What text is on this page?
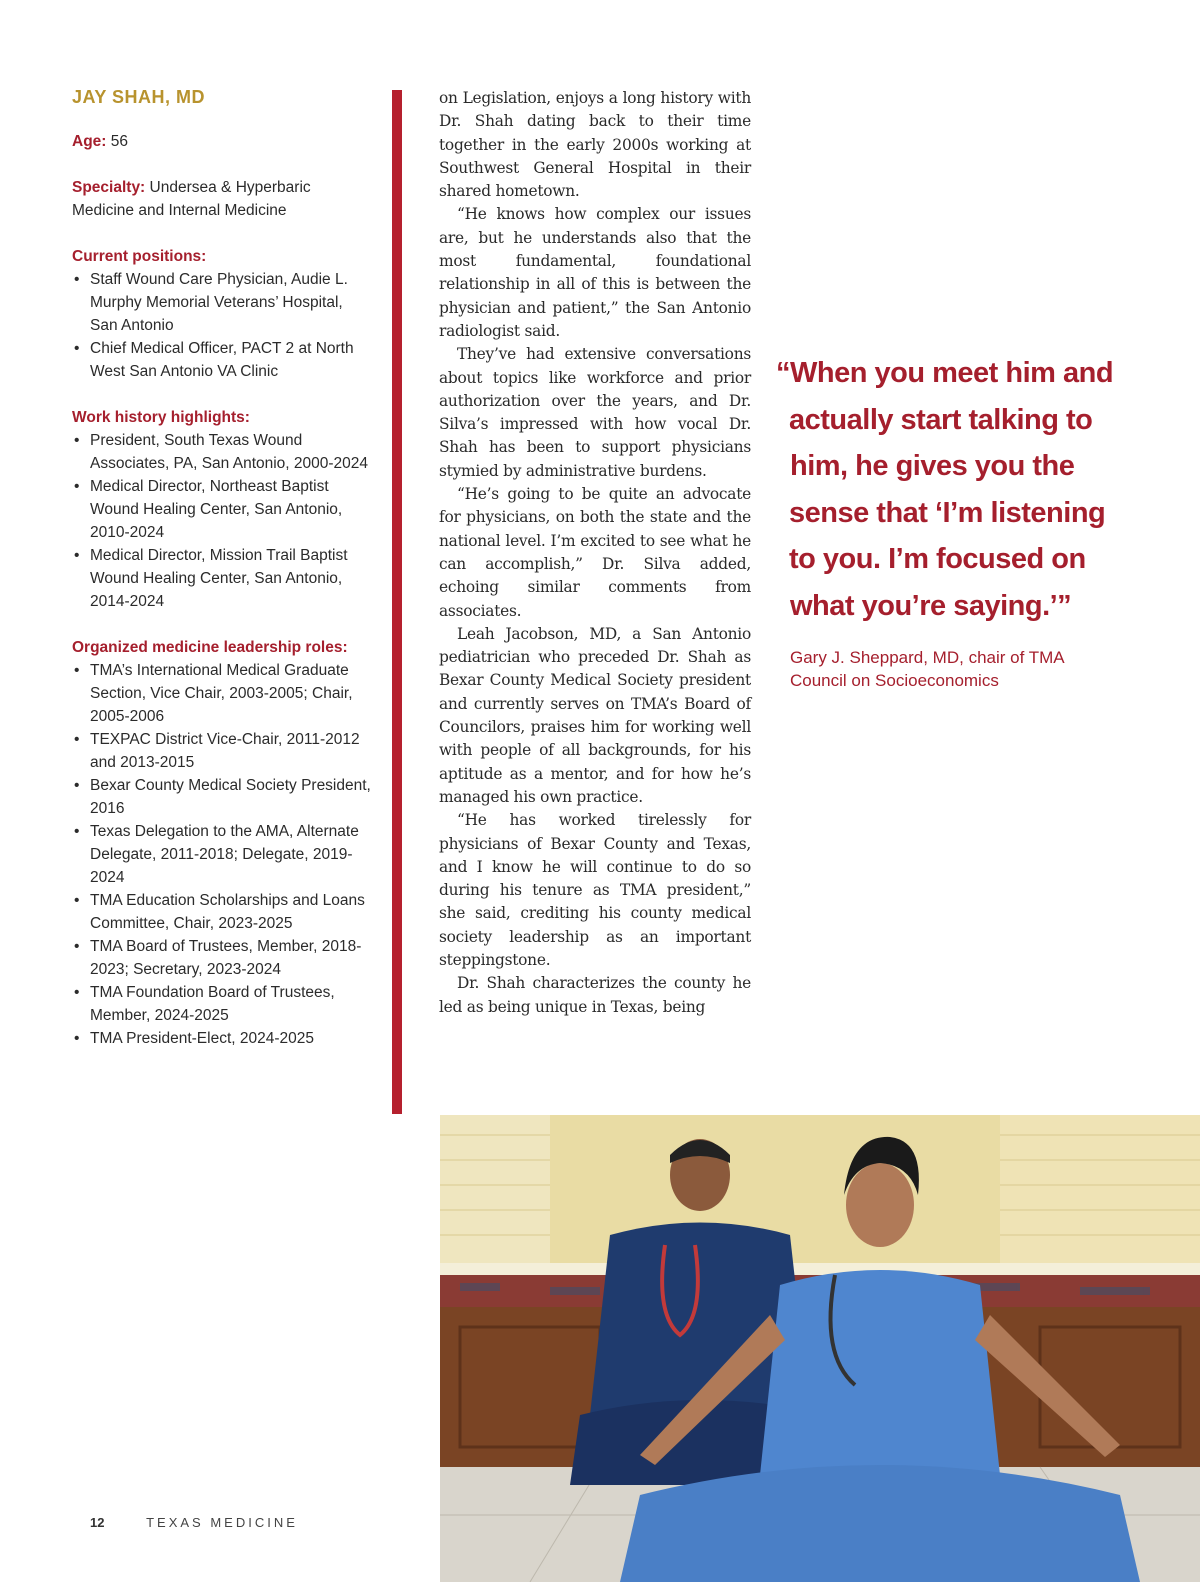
JAY SHAH, MD
Age: 56
Specialty: Undersea & Hyperbaric Medicine and Internal Medicine
Current positions:
• Staff Wound Care Physician, Audie L. Murphy Memorial Veterans’ Hospital, San Antonio
• Chief Medical Officer, PACT 2 at North West San Antonio VA Clinic
Work history highlights:
• President, South Texas Wound Associates, PA, San Antonio, 2000-2024
• Medical Director, Northeast Baptist Wound Healing Center, San Antonio, 2010-2024
• Medical Director, Mission Trail Baptist Wound Healing Center, San Antonio, 2014-2024
Organized medicine leadership roles:
• TMA’s International Medical Graduate Section, Vice Chair, 2003-2005; Chair, 2005-2006
• TEXPAC District Vice-Chair, 2011-2012 and 2013-2015
• Bexar County Medical Society President, 2016
• Texas Delegation to the AMA, Alternate Delegate, 2011-2018; Delegate, 2019-2024
• TMA Education Scholarships and Loans Committee, Chair, 2023-2025
• TMA Board of Trustees, Member, 2018-2023; Secretary, 2023-2024
• TMA Foundation Board of Trustees, Member, 2024-2025
• TMA President-Elect, 2024-2025

on Legislation, enjoys a long history with Dr. Shah dating back to their time together in the early 2000s working at Southwest General Hospital in their shared hometown.

“He knows how complex our issues are, but he understands also that the most fundamental, foundational relationship in all of this is between the physician and patient,” the San Antonio radiologist said.

They’ve had extensive conversations about topics like workforce and prior authorization over the years, and Dr. Silva’s impressed with how vocal Dr. Shah has been to support physicians stymied by administrative burdens.

“He’s going to be quite an advocate for physicians, on both the state and the national level. I’m excited to see what he can accomplish,” Dr. Silva added, echoing similar comments from associates.

Leah Jacobson, MD, a San Antonio pediatrician who preceded Dr. Shah as Bexar County Medical Society president and currently serves on TMA’s Board of Councilors, praises him for working well with people of all backgrounds, for his aptitude as a mentor, and for how he’s managed his own practice.

“He has worked tirelessly for physicians of Bexar County and Texas, and I know he will continue to do so during his tenure as TMA president,” she said, crediting his county medical society leadership as an important steppingstone.

Dr. Shah characterizes the county he led as being unique in Texas, being

“When you meet him and
actually start talking to
him, he gives you the
sense that ‘I’m listening
to you. I’m focused on
what you’re saying.’”
Gary J. Sheppard, MD, chair of TMA Council on Socioeconomics
12	TEXAS MEDICINE
